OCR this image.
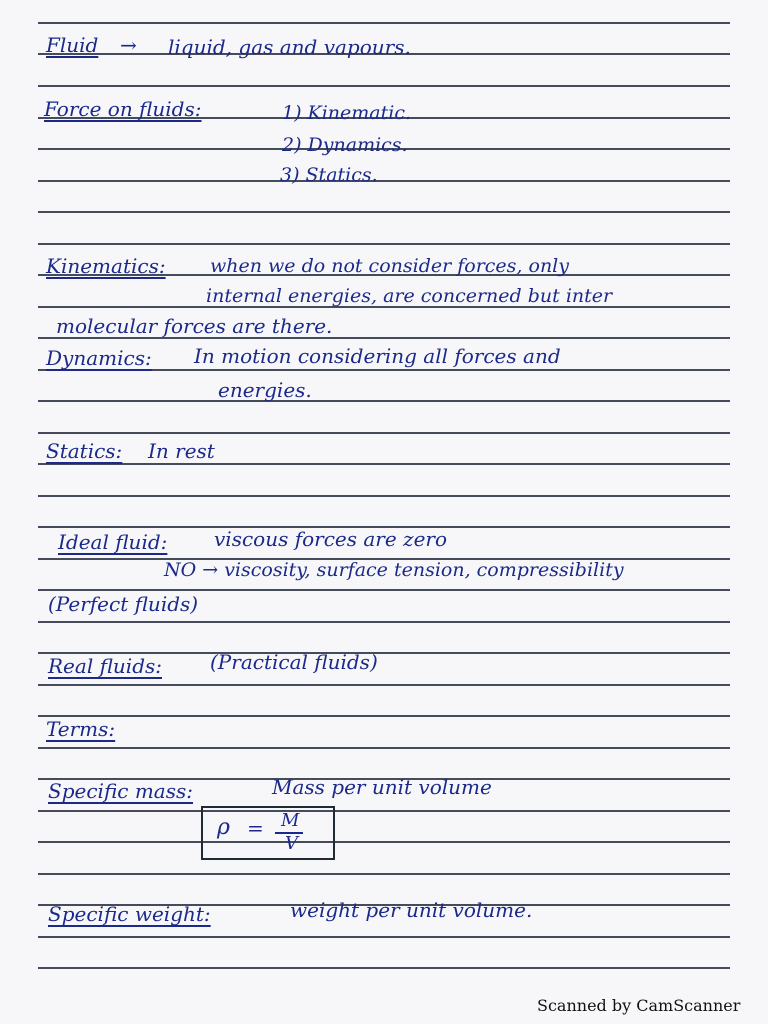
Fluid → liquid, gas and vapours.
Force on fluids:	1) Kinematic.
2) Dynamics.
3) Statics.
Kinematics: when we do not consider forces, only
internal energies, are concerned but inter
molecular forces are there.
Dynamics: In motion considering all forces and
energies.
Statics: In rest
Ideal fluid: viscous forces are zero
NO → viscosity, surface tension, compressibility
(Perfect fluids)
Real fluids: (Practical fluids)
Terms:
Specific mass:	Mass per unit volume
ρ = M
V
Specific weight:	weight per unit volume.
Scanned by CamScanner
